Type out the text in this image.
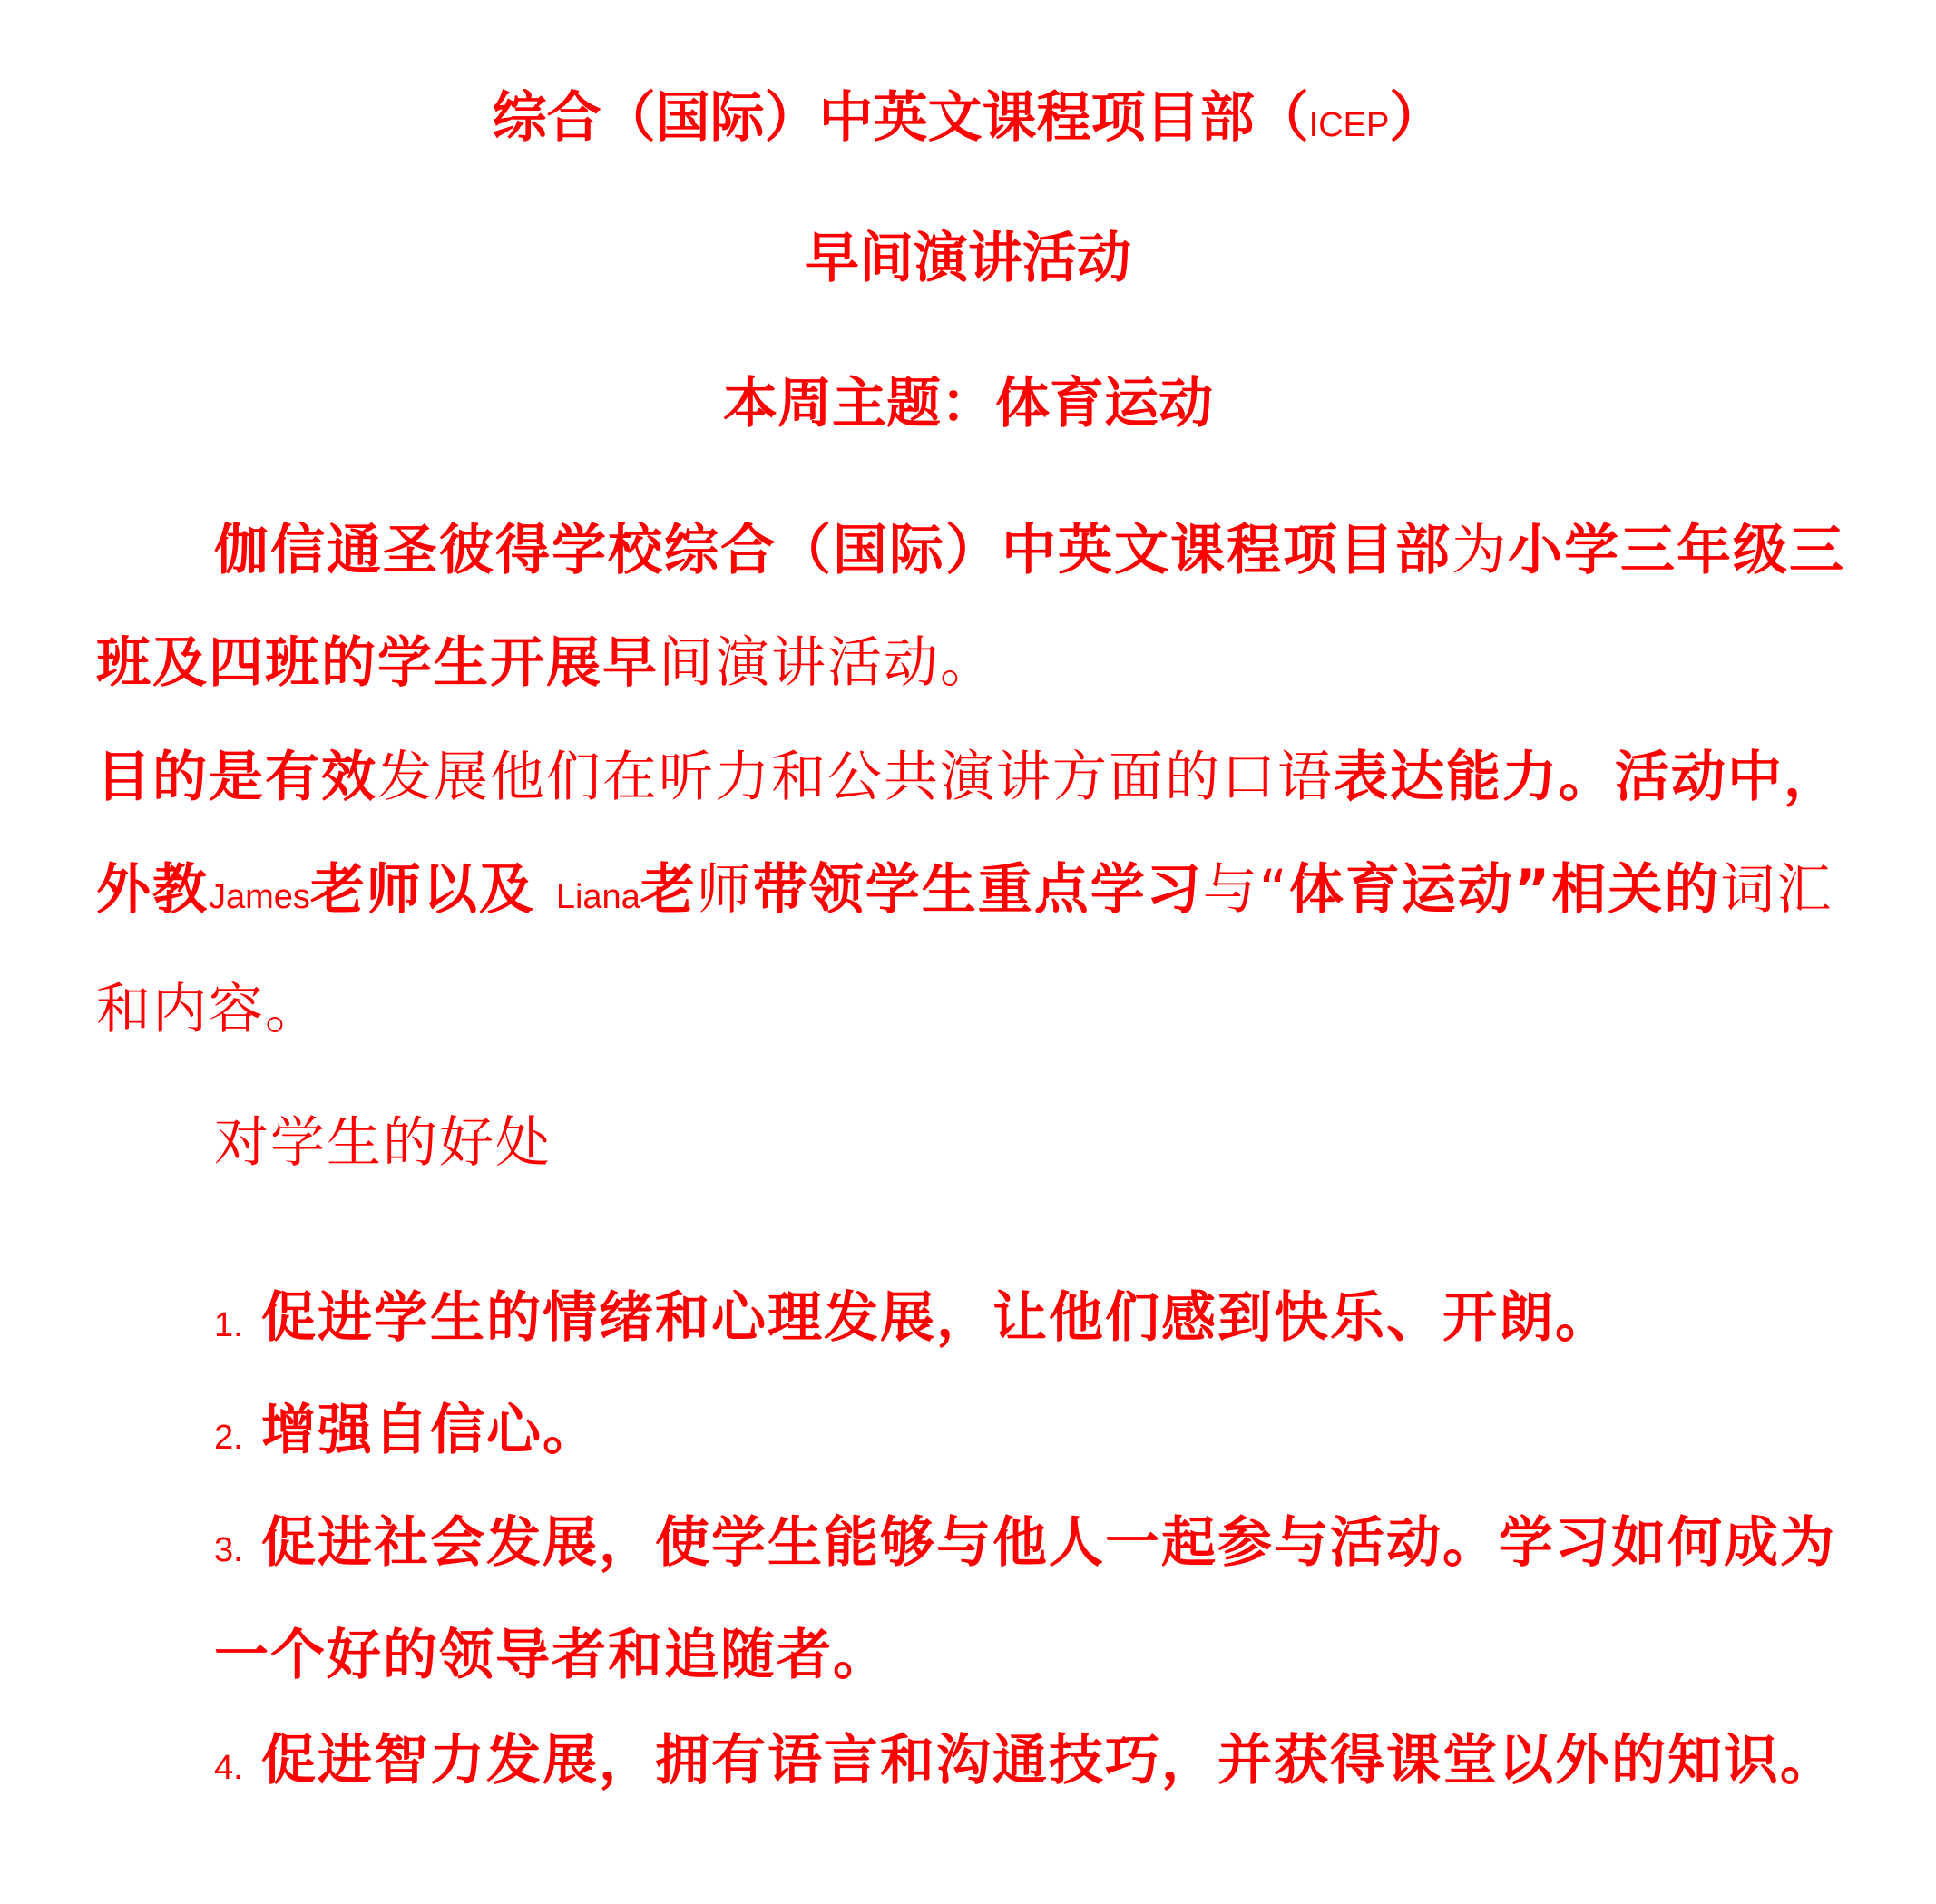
综合（国际）中英文课程项目部（ICEP）
早间演讲活动
本周主题：体育运动
伽信通圣彼得学校综合（国际）中英文课程项目部为小学三年级三班及四班的学生开展早间演讲活动。
目的是有效发展他们在听力和公共演讲方面的口语表达能力。活动中，外教James老师以及 Liana老师带领学生重点学习与“体育运动”相关的词汇和内容。
对学生的好处
1. 促进学生的情绪和心理发展，让他们感到快乐、开朗。
2. 增强自信心。
3. 促进社会发展，使学生能够与他人一起参与活动。学习如何成为一个好的领导者和追随者。
4. 促进智力发展，拥有语言和沟通技巧，并获得课堂以外的知识。
